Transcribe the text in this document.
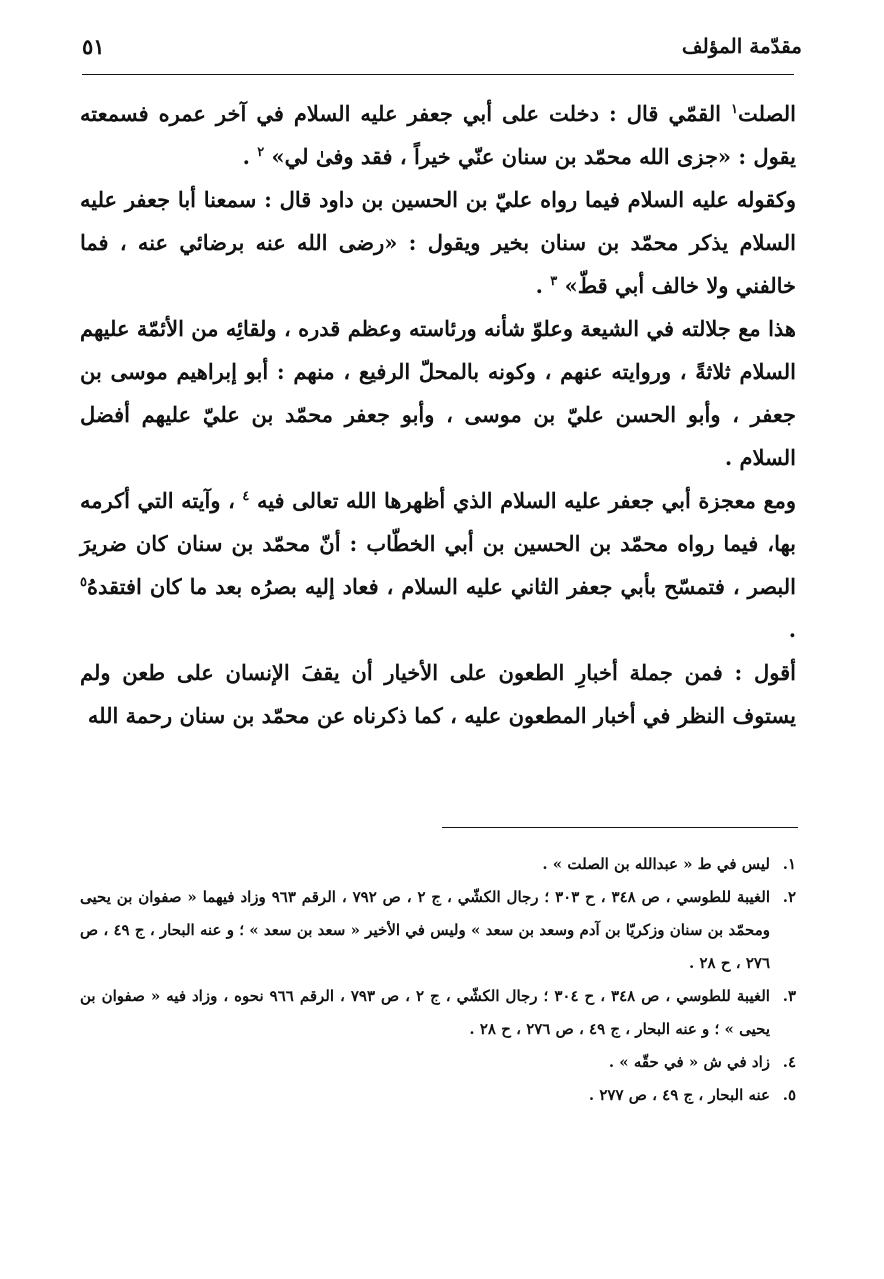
مقدّمة المؤلف
٥١

الصلت$^١$ القمّي قال : دخلت على أبي جعفر عليه السلام في آخر عمره فسمعته يقول : «جزى الله محمّد بن سنان عنّي خيراً ، فقد وفىٰ لي» $^٢$ .

وكقوله عليه السلام فيما رواه عليّ بن الحسين بن داود قال : سمعنا أبا جعفر عليه السلام يذكر محمّد بن سنان بخير ويقول : «رضى الله عنه برضائي عنه ، فما خالفني ولا خالف أبي قطّ» $^٣$ .

هذا مع جلالته في الشيعة وعلوّ شأنه ورئاسته وعظم قدره ، ولقائِه من الأئمّة عليهم السلام ثلاثةً ، وروايته عنهم ، وكونه بالمحلّ الرفيع ، منهم : أبو إبراهيم موسى بن جعفر ، وأبو الحسن عليّ بن موسى ، وأبو جعفر محمّد بن عليّ عليهم أفضل السلام .

ومع معجزة أبي جعفر عليه السلام الذي أظهرها الله تعالى فيه $^٤$ ، وآيته التي أكرمه بها، فيما رواه محمّد بن الحسين بن أبي الخطّاب : أنّ محمّد بن سنان كان ضريرَ البصر ، فتمسّح بأبي جعفر الثاني عليه السلام ، فعاد إليه بصرُه بعد ما كان افتقدهُ$^٥$ .

أقول : فمن جملة أخبارِ الطعون على الأخيار أن يقفَ الإنسان على طعن ولم يستوف النظر في أخبار المطعون عليه ، كما ذكرناه عن محمّد بن سنان رحمة الله

١.
ليس في ط « عبدالله بن الصلت » .
٢.
الغيبة للطوسي ، ص ٣٤٨ ، ح ٣٠٣ ؛ رجال الكشّي ، ج ٢ ، ص ٧٩٢ ، الرقم ٩٦٣ وزاد فيهما « صفوان بن يحيى ومحمّد بن سنان وزكريّا بن آدم وسعد بن سعد » وليس في الأخير « سعد بن سعد » ؛ و عنه البحار ، ج ٤٩ ، ص ٢٧٦ ، ح ٢٨ .
٣.
الغيبة للطوسي ، ص ٣٤٨ ، ح ٣٠٤ ؛ رجال الكشّي ، ج ٢ ، ص ٧٩٣ ، الرقم ٩٦٦ نحوه ، وزاد فيه « صفوان بن يحيى » ؛ و عنه البحار ، ج ٤٩ ، ص ٢٧٦ ، ح ٢٨ .
٤.
زاد في ش « في حقّه » .
٥.
عنه البحار ، ج ٤٩ ، ص ٢٧٧ .
